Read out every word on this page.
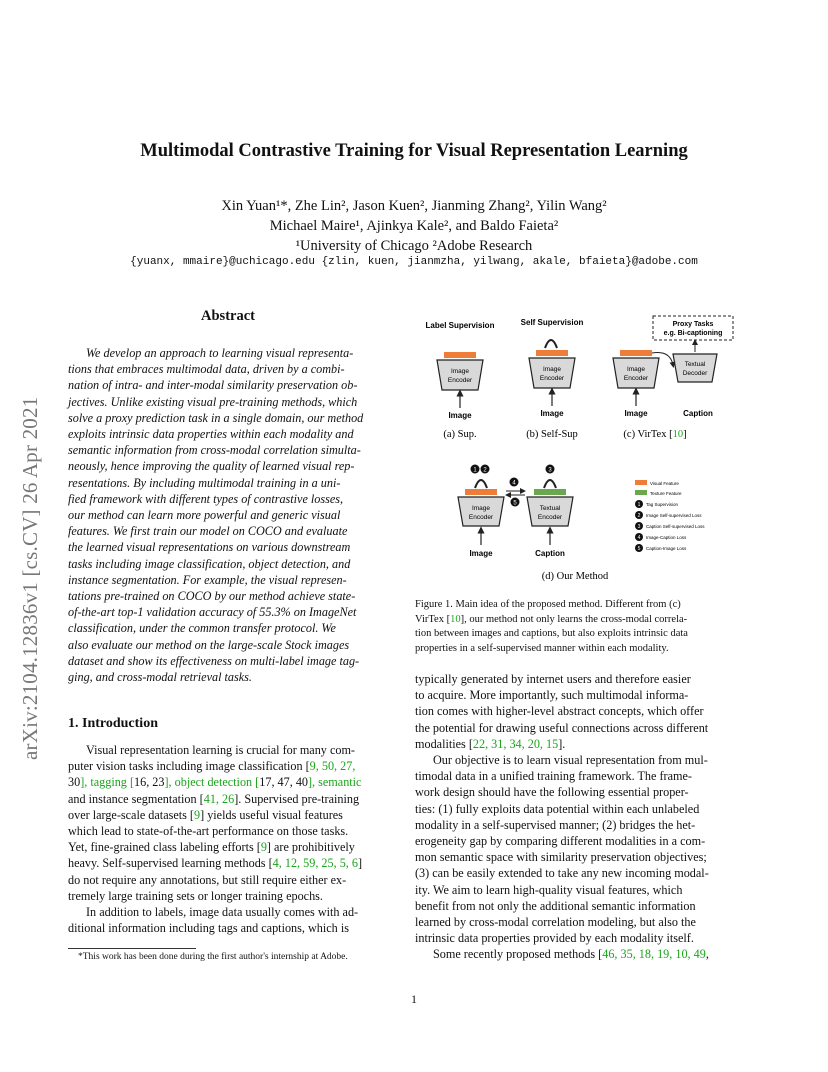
Multimodal Contrastive Training for Visual Representation Learning
Xin Yuan¹*, Zhe Lin², Jason Kuen², Jianming Zhang², Yilin Wang²
Michael Maire¹, Ajinkya Kale², and Baldo Faieta²
¹University of Chicago ²Adobe Research
{yuanx, mmaire}@uchicago.edu {zlin, kuen, jianmzha, yilwang, akale, bfaieta}@adobe.com
arXiv:2104.12836v1 [cs.CV] 26 Apr 2021
Abstract
We develop an approach to learning visual representa-
tions that embraces multimodal data, driven by a combi-
nation of intra- and inter-modal similarity preservation ob-
jectives. Unlike existing visual pre-training methods, which
solve a proxy prediction task in a single domain, our method
exploits intrinsic data properties within each modality and
semantic information from cross-modal correlation simulta-
neously, hence improving the quality of learned visual rep-
resentations. By including multimodal training in a uni-
fied framework with different types of contrastive losses,
our method can learn more powerful and generic visual
features. We first train our model on COCO and evaluate
the learned visual representations on various downstream
tasks including image classification, object detection, and
instance segmentation. For example, the visual represen-
tations pre-trained on COCO by our method achieve state-
of-the-art top-1 validation accuracy of 55.3% on ImageNet
classification, under the common transfer protocol. We
also evaluate our method on the large-scale Stock images
dataset and show its effectiveness on multi-label image tag-
ging, and cross-modal retrieval tasks.
1. Introduction
Visual representation learning is crucial for many com-
puter vision tasks including image classification [9, 50, 27,
30], tagging [16, 23], object detection [17, 47, 40], semantic
and instance segmentation [41, 26]. Supervised pre-training
over large-scale datasets [9] yields useful visual features
which lead to state-of-the-art performance on those tasks.
Yet, fine-grained class labeling efforts [9] are prohibitively
heavy. Self-supervised learning methods [4, 12, 59, 25, 5, 6]
do not require any annotations, but still require either ex-
tremely large training sets or longer training epochs.
In addition to labels, image data usually comes with ad-
ditional information including tags and captions, which is
*This work has been done during the first author's internship at Adobe.
Label Supervision
Image
Encoder
Image
Self Supervision
Image
Encoder
Image
Proxy Tasks
e.g. Bi-captioning
Image
Encoder
Textual
Decoder
Image	Caption
(a) Sup.	(b) Self-Sup	(c) VirTex [10]
1 2
Image
Encoder
Image
4
5
3
Textual
Encoder
Caption
Visual Feature
Texture Feature
1 Tag Supervision
2 Image Self-supervised Loss
3 Caption Self-supervised Loss
4 Image-Caption Loss
5 Caption-Image Loss
(d) Our Method
Figure 1. Main idea of the proposed method. Different from (c)
VirTex [10], our method not only learns the cross-modal correla-
tion between images and captions, but also exploits intrinsic data
properties in a self-supervised manner within each modality.
typically generated by internet users and therefore easier
to acquire. More importantly, such multimodal informa-
tion comes with higher-level abstract concepts, which offer
the potential for drawing useful connections across different
modalities [22, 31, 34, 20, 15].
Our objective is to learn visual representation from mul-
timodal data in a unified training framework. The frame-
work design should have the following essential proper-
ties: (1) fully exploits data potential within each unlabeled
modality in a self-supervised manner; (2) bridges the het-
erogeneity gap by comparing different modalities in a com-
mon semantic space with similarity preservation objectives;
(3) can be easily extended to take any new incoming modal-
ity. We aim to learn high-quality visual features, which
benefit from not only the additional semantic information
learned by cross-modal correlation modeling, but also the
intrinsic data properties provided by each modality itself.
Some recently proposed methods [46, 35, 18, 19, 10, 49,
1
